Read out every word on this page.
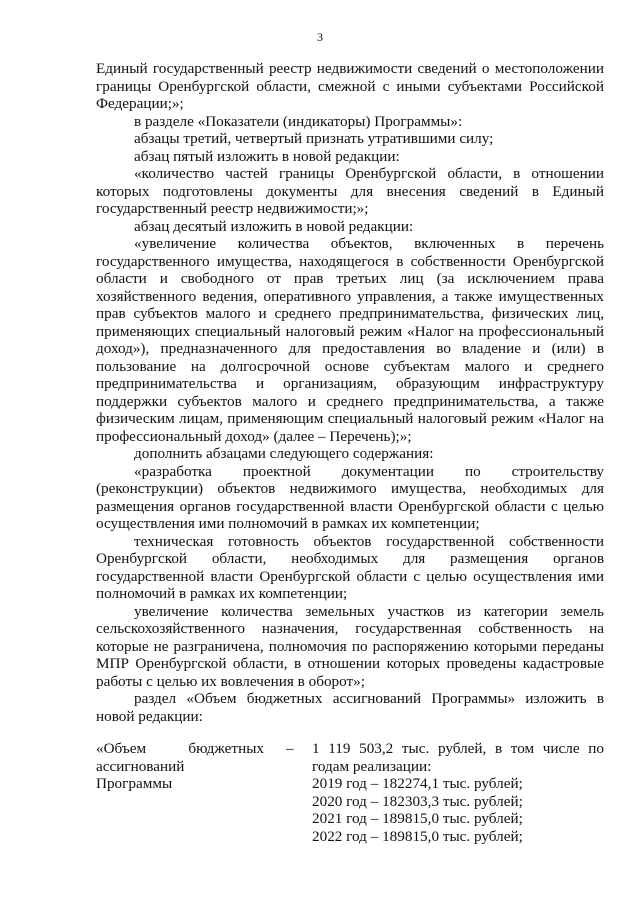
3

Единый государственный реестр недвижимости сведений о местоположении границы Оренбургской области, смежной с иными субъектами Российской Федерации;»;

в разделе «Показатели (индикаторы) Программы»:

абзацы третий, четвертый признать утратившими силу;

абзац пятый изложить в новой редакции:

«количество частей границы Оренбургской области, в отношении которых подготовлены документы для внесения сведений в Единый государственный реестр недвижимости;»;

абзац десятый изложить в новой редакции:

«увеличение количества объектов, включенных в перечень государственного имущества, находящегося в собственности Оренбургской области и свободного от прав третьих лиц (за исключением права хозяйственного ведения, оперативного управления, а также имущественных прав субъектов малого и среднего предпринимательства, физических лиц, применяющих специальный налоговый режим «Налог на профессиональный доход»), предназначенного для предоставления во владение и (или) в пользование на долгосрочной основе субъектам малого и среднего предпринимательства и организациям, образующим инфраструктуру поддержки субъектов малого и среднего предпринимательства, а также физическим лицам, применяющим специальный налоговый режим «Налог на профессиональный доход» (далее – Перечень);»;

дополнить абзацами следующего содержания:

«разработка проектной документации по строительству (реконструкции) объектов недвижимого имущества, необходимых для размещения органов государственной власти Оренбургской области с целью осуществления ими полномочий в рамках их компетенции;

техническая готовность объектов государственной собственности Оренбургской области, необходимых для размещения органов государственной власти Оренбургской области с целью осуществления ими полномочий в рамках их компетенции;

увеличение количества земельных участков из категории земель сельскохозяйственного назначения, государственная собственность на которые не разграничена, полномочия по распоряжению которыми переданы МПР Оренбургской области, в отношении которых проведены кадастровые работы с целью их вовлечения в оборот»;

раздел «Объем бюджетных ассигнований Программы» изложить в новой редакции:

«Объем бюджетных ассигнований Программы
– 1 119 503,2 тыс. рублей, в том числе по годам реализации:

2019 год – 182274,1 тыс. рублей;

2020 год – 182303,3 тыс. рублей;

2021 год – 189815,0 тыс. рублей;

2022 год – 189815,0 тыс. рублей;
